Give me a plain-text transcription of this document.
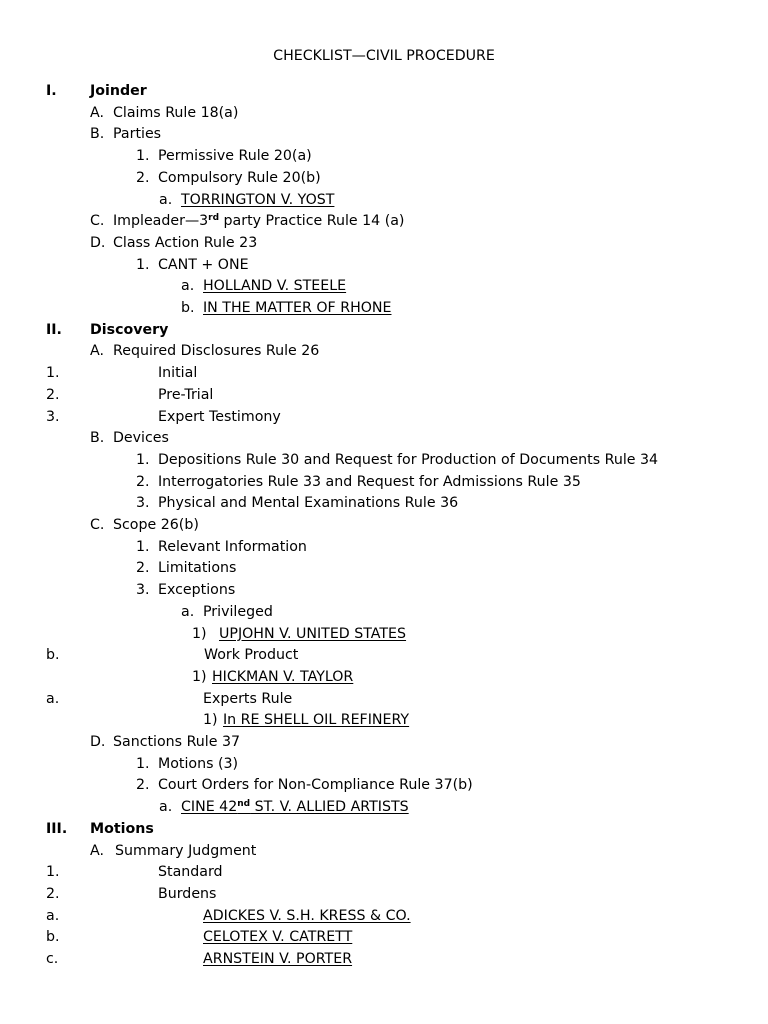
CHECKLIST—CIVIL PROCEDURE
I. Joinder
A. Claims Rule 18(a)
B. Parties
1. Permissive Rule 20(a)
2. Compulsory Rule 20(b)
a. TORRINGTON V. YOST
C. Impleader—3rd party Practice Rule 14 (a)
D. Class Action Rule 23
1. CANT + ONE
a. HOLLAND V. STEELE
b. IN THE MATTER OF RHONE
II. Discovery
A. Required Disclosures Rule 26
1.	Initial
2.	Pre-Trial
3.	Expert Testimony
B. Devices
1. Depositions Rule 30 and Request for Production of Documents Rule 34
2. Interrogatories Rule 33 and Request for Admissions Rule 35
3. Physical and Mental Examinations Rule 36
C. Scope 26(b)
1. Relevant Information
2. Limitations
3. Exceptions
a. Privileged
1) UPJOHN V. UNITED STATES
b.	Work Product
1) HICKMAN V. TAYLOR
a.	Experts Rule
1) In RE SHELL OIL REFINERY
D. Sanctions Rule 37
1. Motions (3)
2. Court Orders for Non-Compliance Rule 37(b)
a. CINE 42nd ST. V. ALLIED ARTISTS
III. Motions
A. Summary Judgment
1.	Standard
2.	Burdens
a.	ADICKES V. S.H. KRESS & CO.
b.	CELOTEX V. CATRETT
c.	ARNSTEIN V. PORTER
